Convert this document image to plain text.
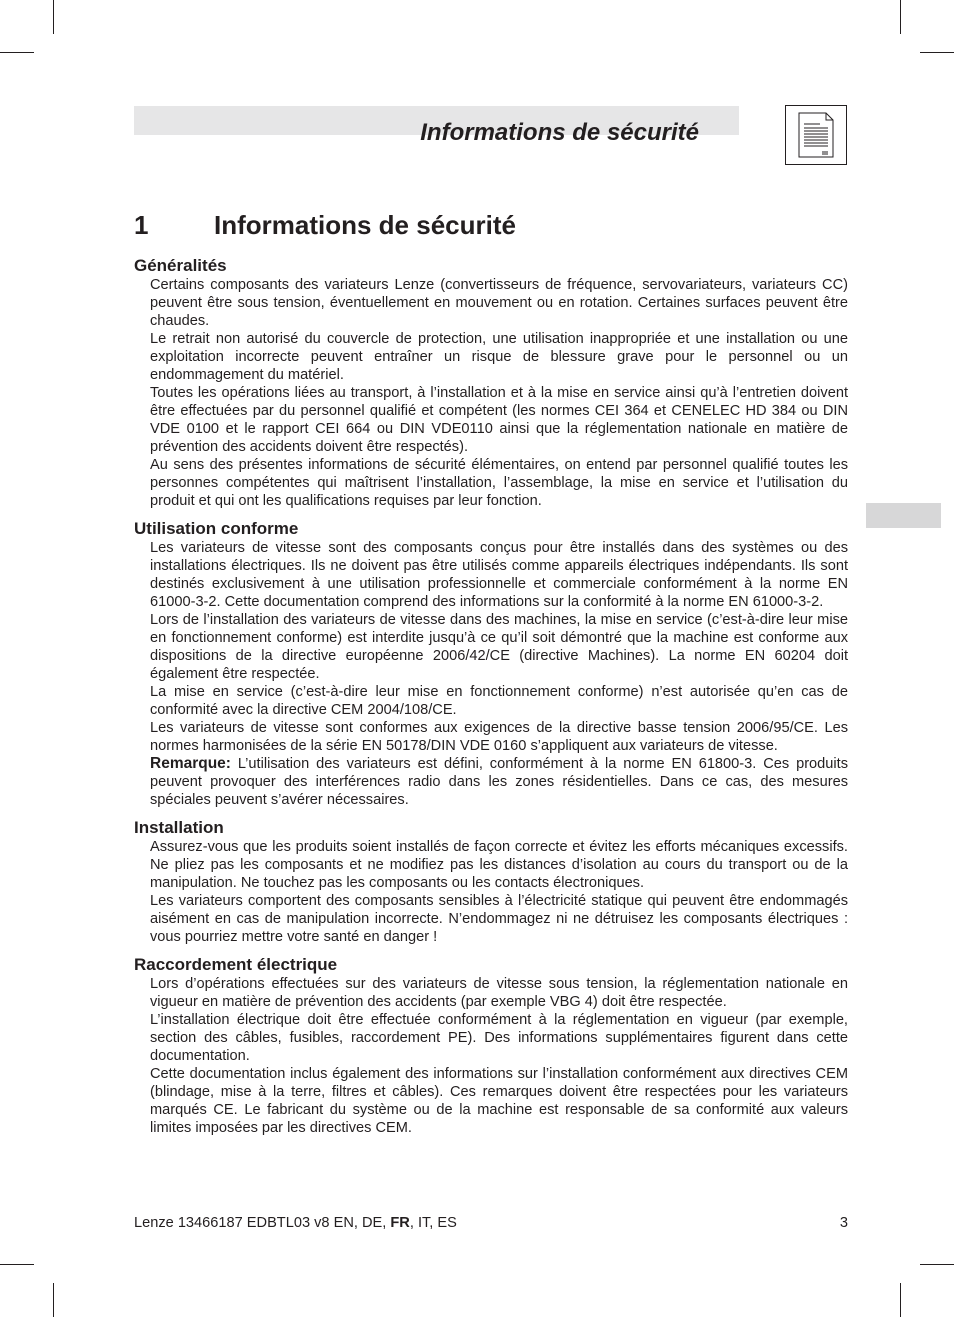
Informations de sécurité
1	Informations de sécurité
Généralités

Certains composants des variateurs Lenze (convertisseurs de fréquence, servovariateurs, variateurs CC) peuvent être sous tension, éventuellement en mouvement ou en rotation. Certaines surfaces peuvent être chaudes.

Le retrait non autorisé du couvercle de protection, une utilisation inappropriée et une installation ou une exploitation incorrecte peuvent entraîner un risque de blessure grave pour le personnel ou un endommagement du matériel.

Toutes les opérations liées au transport, à l’installation et à la mise en service ainsi qu’à l’entretien doivent être effectuées par du personnel qualifié et compétent (les normes CEI 364 et CENELEC HD 384 ou DIN VDE 0100 et le rapport CEI 664 ou DIN VDE0110 ainsi que la réglementation nationale en matière de prévention des accidents doivent être respectés).

Au sens des présentes informations de sécurité élémentaires, on entend par personnel qualifié toutes les personnes compétentes qui maîtrisent l’installation, l’assemblage, la mise en service et l’utilisation du produit et qui ont les qualifications requises par leur fonction.

Utilisation conforme

Les variateurs de vitesse sont des composants conçus pour être installés dans des systèmes ou des installations électriques. Ils ne doivent pas être utilisés comme appareils électriques indépendants. Ils sont destinés exclusivement à une utilisation professionnelle et commerciale conformément à la norme EN 61000-3-2. Cette documentation comprend des informations sur la conformité à la norme EN 61000-3-2.

Lors de l’installation des variateurs de vitesse dans des machines, la mise en service (c’est-à-dire leur mise en fonctionnement conforme) est interdite jusqu’à ce qu’il soit démontré que la machine est conforme aux dispositions de la directive européenne 2006/42/CE (directive Machines). La norme EN 60204 doit également être respectée.

La mise en service (c’est-à-dire leur mise en fonctionnement conforme) n’est autorisée qu’en cas de conformité avec la directive CEM 2004/108/CE.

Les variateurs de vitesse sont conformes aux exigences de la directive basse tension 2006/95/CE. Les normes harmonisées de la série EN 50178/DIN VDE 0160 s’appliquent aux variateurs de vitesse.

Remarque: L’utilisation des variateurs est défini, conformément à la norme EN 61800-3. Ces produits peuvent provoquer des interférences radio dans les zones résidentielles. Dans ce cas, des mesures spéciales peuvent s’avérer nécessaires.

Installation

Assurez-vous que les produits soient installés de façon correcte et évitez les efforts mécaniques excessifs. Ne pliez pas les composants et ne modifiez pas les distances d’isolation au cours du transport ou de la manipulation. Ne touchez pas les composants ou les contacts électroniques.

Les variateurs comportent des composants sensibles à l’électricité statique qui peuvent être endommagés aisément en cas de manipulation incorrecte. N’endommagez ni ne détruisez les composants électriques : vous pourriez mettre votre santé en danger !

Raccordement électrique

Lors d’opérations effectuées sur des variateurs de vitesse sous tension, la réglementation nationale en vigueur en matière de prévention des accidents (par exemple VBG 4) doit être respectée.

L’installation électrique doit être effectuée conformément à la réglementation en vigueur (par exemple, section des câbles, fusibles, raccordement PE). Des informations supplémentaires figurent dans cette documentation.

Cette documentation inclus également des informations sur l’installation conformément aux directives CEM (blindage, mise à la terre, filtres et câbles). Ces remarques doivent être respectées pour les variateurs marqués CE. Le fabricant du système ou de la machine est responsable de sa conformité aux valeurs limites imposées par les directives CEM.

Lenze 13466187 EDBTL03 v8 EN, DE, FR, IT, ES	3
